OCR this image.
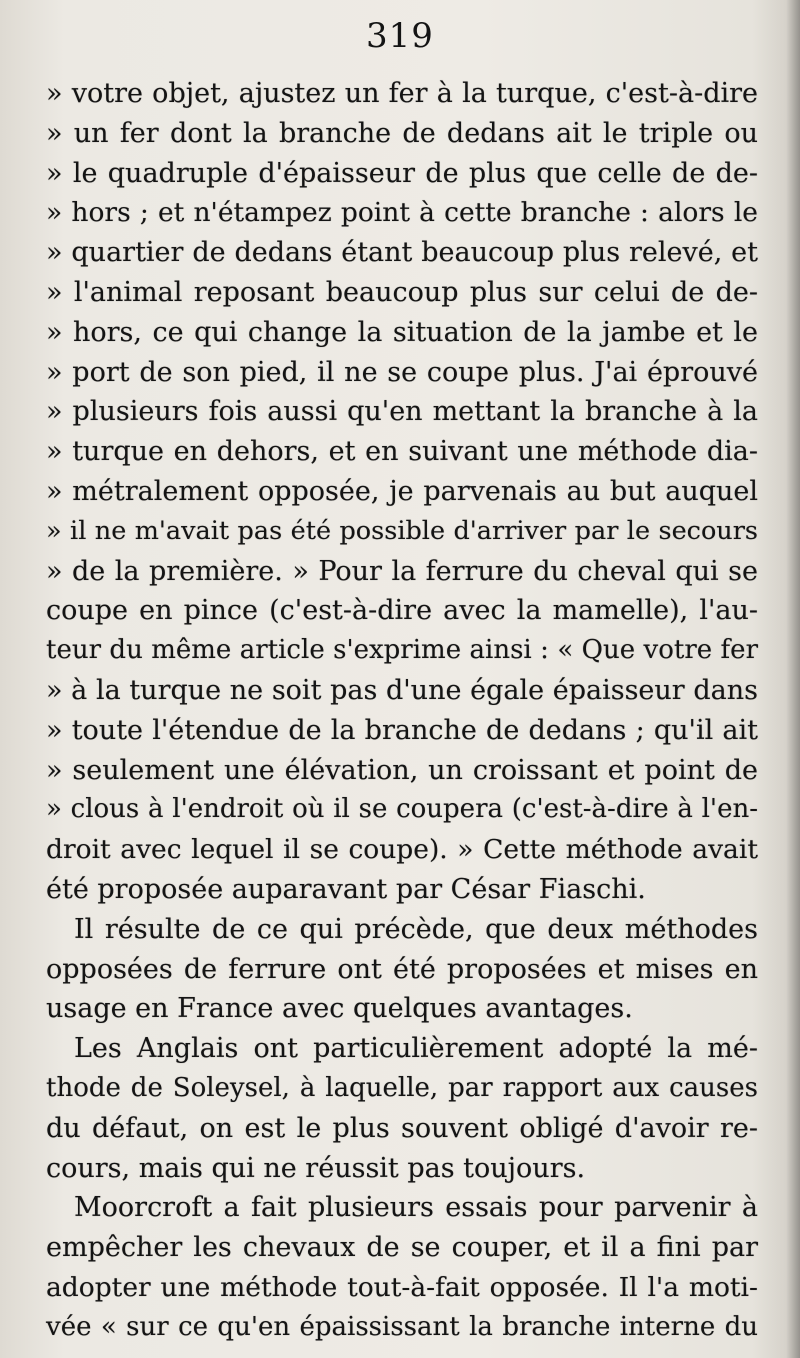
319
» votre objet, ajustez un fer à la turque, c'est-à-dire
» un fer dont la branche de dedans ait le triple ou
» le quadruple d'épaisseur de plus que celle de de-
» hors ; et n'étampez point à cette branche : alors le
» quartier de dedans étant beaucoup plus relevé, et
» l'animal reposant beaucoup plus sur celui de de-
» hors, ce qui change la situation de la jambe et le
» port de son pied, il ne se coupe plus. J'ai éprouvé
» plusieurs fois aussi qu'en mettant la branche à la
» turque en dehors, et en suivant une méthode dia-
» métralement opposée, je parvenais au but auquel
» il ne m'avait pas été possible d'arriver par le secours
» de la première. » Pour la ferrure du cheval qui se
coupe en pince (c'est-à-dire avec la mamelle), l'au-
teur du même article s'exprime ainsi : « Que votre fer
» à la turque ne soit pas d'une égale épaisseur dans
» toute l'étendue de la branche de dedans ; qu'il ait
» seulement une élévation, un croissant et point de
» clous à l'endroit où il se coupera (c'est-à-dire à l'en-
droit avec lequel il se coupe). » Cette méthode avait
été proposée auparavant par César Fiaschi.
Il résulte de ce qui précède, que deux méthodes
opposées de ferrure ont été proposées et mises en
usage en France avec quelques avantages.
Les Anglais ont particulièrement adopté la mé-
thode de Soleysel, à laquelle, par rapport aux causes
du défaut, on est le plus souvent obligé d'avoir re-
cours, mais qui ne réussit pas toujours.
Moorcroft a fait plusieurs essais pour parvenir à
empêcher les chevaux de se couper, et il a fini par
adopter une méthode tout-à-fait opposée. Il l'a moti-
vée « sur ce qu'en épaississant la branche interne du
